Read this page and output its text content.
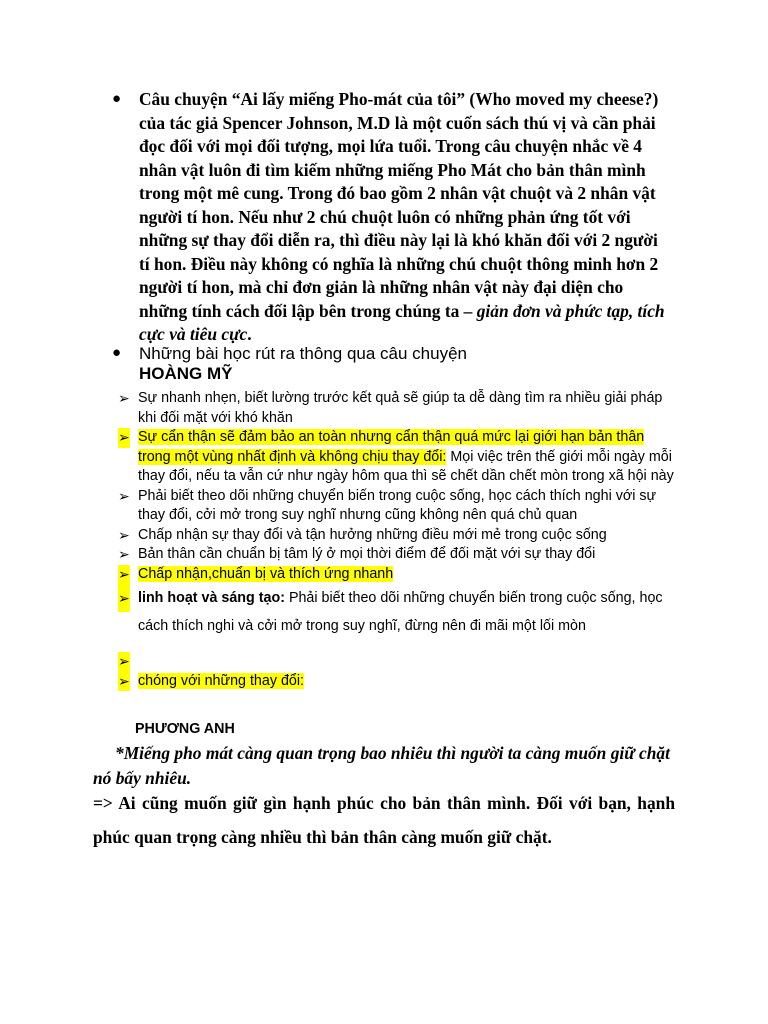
● Câu chuyện “Ai lấy miếng Pho-mát của tôi” (Who moved my cheese?) của tác giả Spencer Johnson, M.D là một cuốn sách thú vị và cần phải đọc đối với mọi đối tượng, mọi lứa tuổi. Trong câu chuyện nhắc về 4 nhân vật luôn đi tìm kiếm những miếng Pho Mát cho bản thân mình trong một mê cung. Trong đó bao gồm 2 nhân vật chuột và 2 nhân vật người tí hon. Nếu như 2 chú chuột luôn có những phản ứng tốt với những sự thay đổi diễn ra, thì điều này lại là khó khăn đối với 2 người tí hon. Điều này không có nghĩa là những chú chuột thông minh hơn 2 người tí hon, mà chỉ đơn giản là những nhân vật này đại diện cho những tính cách đối lập bên trong chúng ta – giản đơn và phức tạp, tích cực và tiêu cực.
● Những bài học rút ra thông qua câu chuyện
HOÀNG MỸ
➢ Sự nhanh nhẹn, biết lường trước kết quả sẽ giúp ta dễ dàng tìm ra nhiều giải pháp khi đối mặt với khó khăn
➢ Sự cẩn thận sẽ đảm bảo an toàn nhưng cẩn thận quá mức lại giới hạn bản thân trong một vùng nhất định và không chịu thay đổi: Mọi việc trên thế giới mỗi ngày mỗi thay đổi, nếu ta vẫn cứ như ngày hôm qua thì sẽ chết dần chết mòn trong xã hội này
➢ Phải biết theo dõi những chuyển biến trong cuộc sống, học cách thích nghi với sự thay đổi, cởi mở trong suy nghĩ nhưng cũng không nên quá chủ quan
➢ Chấp nhận sự thay đổi và tận hưởng những điều mới mẻ trong cuộc sống
➢ Bản thân cần chuẩn bị tâm lý ở mọi thời điểm để đối mặt với sự thay đổi
➢ Chấp nhận,chuẩn bị và thích ứng nhanh
➢ linh hoạt và sáng tạo: Phải biết theo dõi những chuyển biến trong cuộc sống, học cách thích nghi và cởi mở trong suy nghĩ, đừng nên đi mãi một lối mòn
➢

➢ chóng với những thay đổi:
PHƯƠNG ANH
*Miếng pho mát càng quan trọng bao nhiêu thì người ta càng muốn giữ chặt nó bấy nhiêu.
=> Ai cũng muốn giữ gìn hạnh phúc cho bản thân mình. Đối với bạn, hạnh phúc quan trọng càng nhiều thì bản thân càng muốn giữ chặt.
